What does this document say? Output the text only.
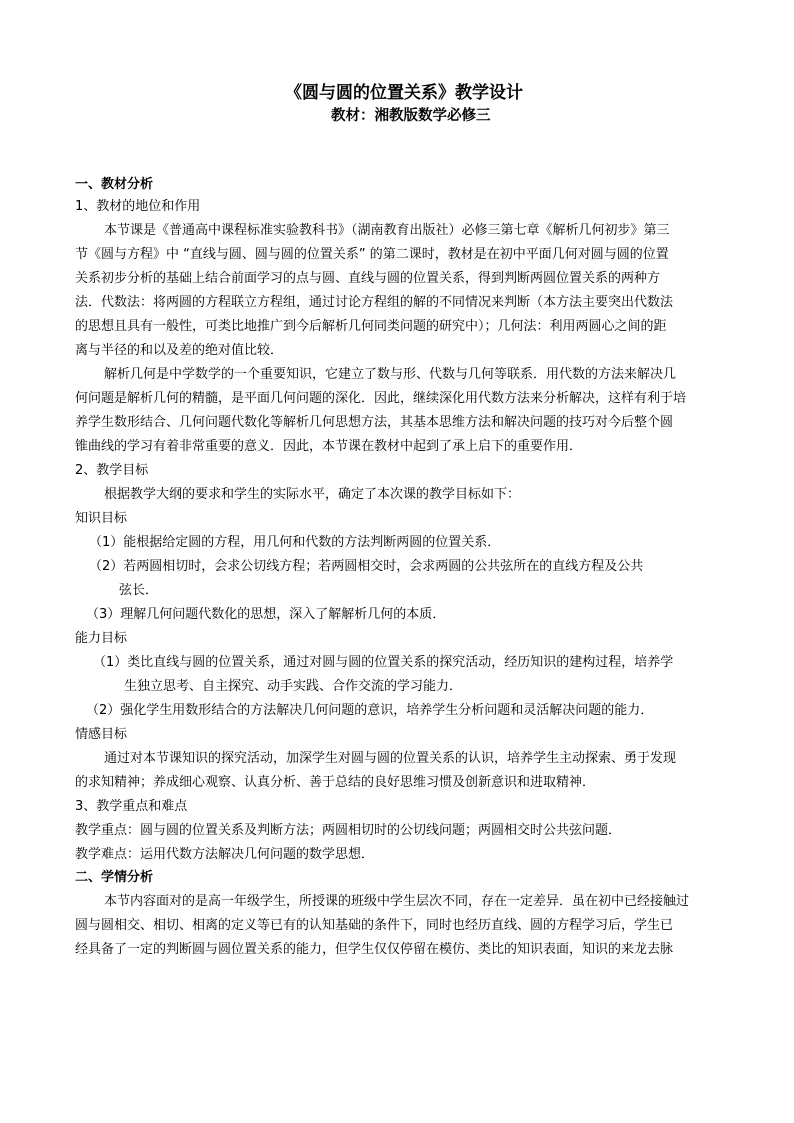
《圆与圆的位置关系》教学设计
教材：湘教版数学必修三
一、教材分析
1、教材的地位和作用
本节课是《普通高中课程标准实验教科书》（湖南教育出版社）必修三第七章《解析几何初步》第三
节《圆与方程》中 “直线与圆、圆与圆的位置关系” 的第二课时，教材是在初中平面几何对圆与圆的位置
关系初步分析的基础上结合前面学习的点与圆、直线与圆的位置关系，得到判断两圆位置关系的两种方
法．代数法：将两圆的方程联立方程组，通过讨论方程组的解的不同情况来判断（本方法主要突出代数法
的思想且具有一般性，可类比地推广到今后解析几何同类问题的研究中）；几何法：利用两圆心之间的距
离与半径的和以及差的绝对值比较．
解析几何是中学数学的一个重要知识，它建立了数与形、代数与几何等联系．用代数的方法来解决几
何问题是解析几何的精髓，是平面几何问题的深化．因此，继续深化用代数方法来分析解决，这样有利于培
养学生数形结合、几何问题代数化等解析几何思想方法，其基本思维方法和解决问题的技巧对今后整个圆
锥曲线的学习有着非常重要的意义．因此，本节课在教材中起到了承上启下的重要作用．
2、教学目标
根据教学大纲的要求和学生的实际水平，确定了本次课的教学目标如下：
知识目标
（1）能根据给定圆的方程，用几何和代数的方法判断两圆的位置关系．
（2）若两圆相切时，会求公切线方程；若两圆相交时，会求两圆的公共弦所在的直线方程及公共
弦长．
（3）理解几何问题代数化的思想，深入了解解析几何的本质．
能力目标
（1）类比直线与圆的位置关系，通过对圆与圆的位置关系的探究活动，经历知识的建构过程，培养学
生独立思考、自主探究、动手实践、合作交流的学习能力．
（2）强化学生用数形结合的方法解决几何问题的意识，培养学生分析问题和灵活解决问题的能力．
情感目标
通过对本节课知识的探究活动，加深学生对圆与圆的位置关系的认识，培养学生主动探索、勇于发现
的求知精神；养成细心观察、认真分析、善于总结的良好思维习惯及创新意识和进取精神．
3、教学重点和难点
教学重点：圆与圆的位置关系及判断方法；两圆相切时的公切线问题；两圆相交时公共弦问题．
教学难点：运用代数方法解决几何问题的数学思想．
二、学情分析
本节内容面对的是高一年级学生，所授课的班级中学生层次不同，存在一定差异．虽在初中已经接触过
圆与圆相交、相切、相离的定义等已有的认知基础的条件下，同时也经历直线、圆的方程学习后，学生已
经具备了一定的判断圆与圆位置关系的能力，但学生仅仅停留在模仿、类比的知识表面，知识的来龙去脉
